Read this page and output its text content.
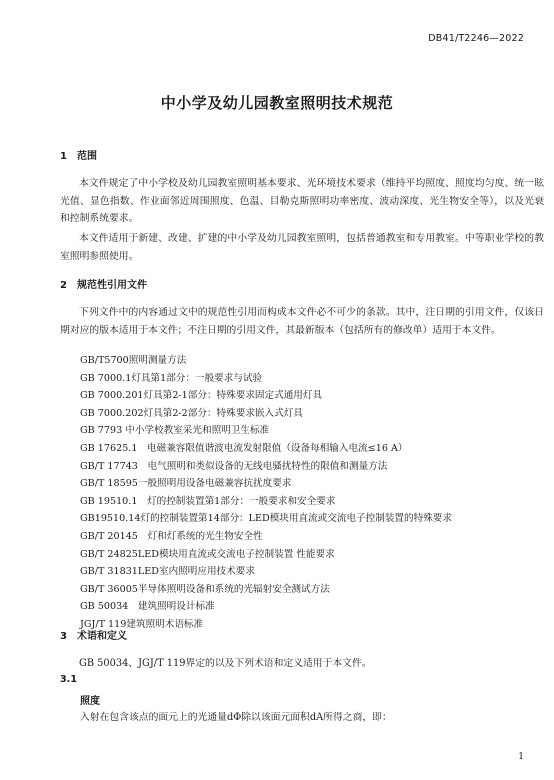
DB41/T2246—2022
中小学及幼儿园教室照明技术规范
1 范围
本文件规定了中小学校及幼儿园教室照明基本要求、光环境技术要求（维持平均照度、照度均匀度、统一眩光值、显色指数、作业面邻近周围照度、色温、目勒克斯照明功率密度、波动深度、光生物安全等），以及光衰和控制系统要求。
本文件适用于新建、改建、扩建的中小学及幼儿园教室照明，包括普通教室和专用教室。中等职业学校的教室照明参照使用。
2 规范性引用文件
下列文件中的内容通过文中的规范性引用而构成本文件必不可少的条款。其中，注日期的引用文件，仅该日期对应的版本适用于本文件；不注日期的引用文件，其最新版本（包括所有的修改单）适用于本文件。
GB/T5700照明测量方法
GB 7000.1灯具第1部分：一般要求与试验
GB 7000.201灯具第2-1部分：特殊要求固定式通用灯具
GB 7000.202灯具第2-2部分：特殊要求嵌入式灯具
GB 7793 中小学校教室采光和照明卫生标准
GB 17625.1　电磁兼容限值谐波电流发射限值（设备每相输入电流≤16 A）
GB/T 17743　电气照明和类似设备的无线电骚扰特性的限值和测量方法
GB/T 18595一般照明用设备电磁兼容抗扰度要求
GB 19510.1　灯的控制装置第1部分：一般要求和安全要求
GB19510.14灯的控制装置第14部分：LED模块用直流或交流电子控制装置的特殊要求
GB/T 20145　灯和灯系统的光生物安全性
GB/T 24825LED模块用直流或交流电子控制装置 性能要求
GB/T 31831LED室内照明应用技术要求
GB/T 36005半导体照明设备和系统的光辐射安全测试方法
GB 50034　建筑照明设计标准
JGJ/T 119建筑照明术语标准
3 术语和定义
GB 50034、JGJ/T 119界定的以及下列术语和定义适用于本文件。
3.1
照度
入射在包含该点的面元上的光通量dΦ除以该面元面积dA所得之商，即：
1
